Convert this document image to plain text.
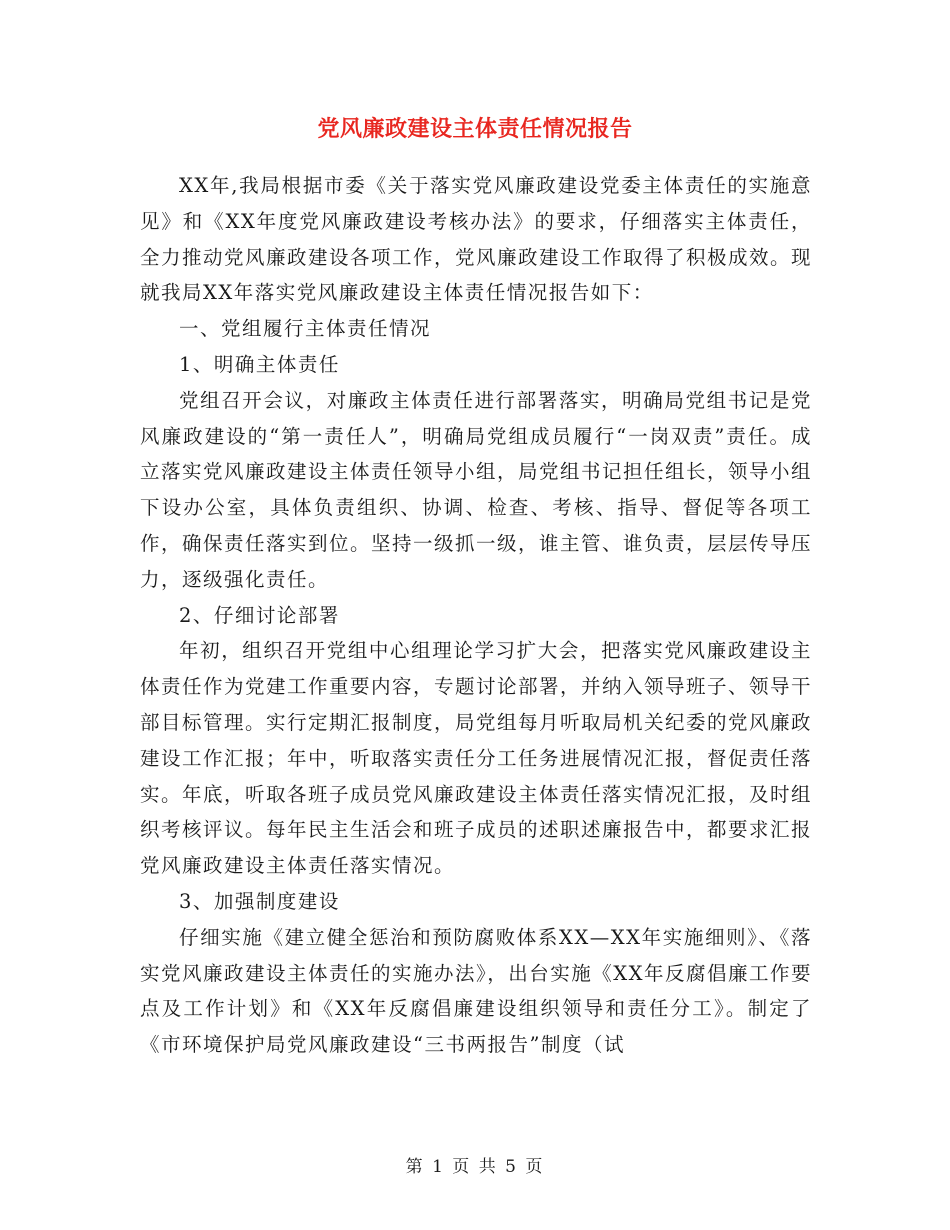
党风廉政建设主体责任情况报告

XX年,我局根据市委《关于落实党风廉政建设党委主体责任的实施意见》和《XX年度党风廉政建设考核办法》的要求，仔细落实主体责任，全力推动党风廉政建设各项工作，党风廉政建设工作取得了积极成效。现就我局XX年落实党风廉政建设主体责任情况报告如下：

一、党组履行主体责任情况

1、明确主体责任

党组召开会议，对廉政主体责任进行部署落实，明确局党组书记是党风廉政建设的“第一责任人”，明确局党组成员履行“一岗双责”责任。成立落实党风廉政建设主体责任领导小组，局党组书记担任组长，领导小组下设办公室，具体负责组织、协调、检查、考核、指导、督促等各项工作，确保责任落实到位。坚持一级抓一级，谁主管、谁负责，层层传导压力，逐级强化责任。

2、仔细讨论部署

年初，组织召开党组中心组理论学习扩大会，把落实党风廉政建设主体责任作为党建工作重要内容，专题讨论部署，并纳入领导班子、领导干部目标管理。实行定期汇报制度，局党组每月听取局机关纪委的党风廉政建设工作汇报；年中，听取落实责任分工任务进展情况汇报，督促责任落实。年底，听取各班子成员党风廉政建设主体责任落实情况汇报，及时组织考核评议。每年民主生活会和班子成员的述职述廉报告中，都要求汇报党风廉政建设主体责任落实情况。

3、加强制度建设

仔细实施《建立健全惩治和预防腐败体系XX—XX年实施细则》、《落实党风廉政建设主体责任的实施办法》，出台实施《XX年反腐倡廉工作要点及工作计划》和《XX年反腐倡廉建设组织领导和责任分工》。制定了《市环境保护局党风廉政建设“三书两报告”制度（试

第 1 页 共 5 页
